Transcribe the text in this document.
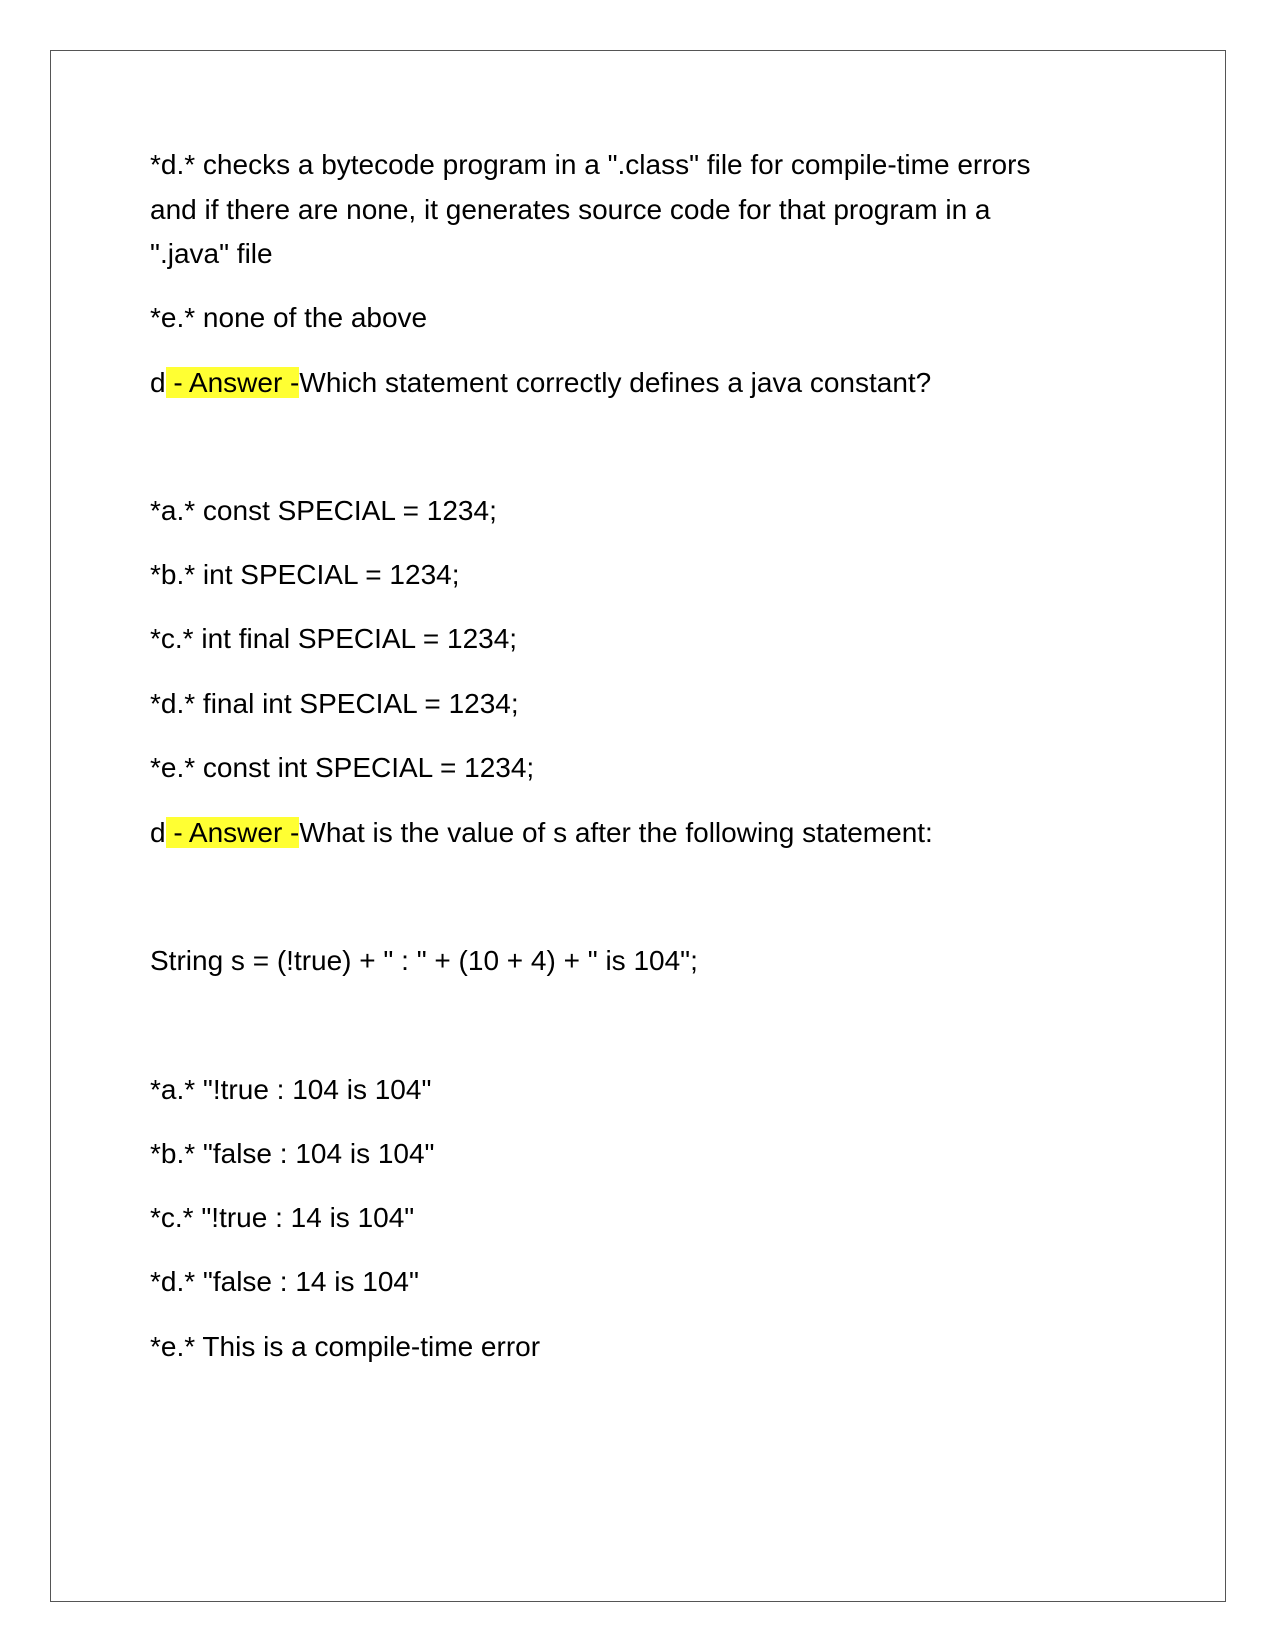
*d.* checks a bytecode program in a ".class" file for compile-time errors
and if there are none, it generates source code for that program in a
".java" file
*e.* none of the above
d - Answer -Which statement correctly defines a java constant?
*a.* const SPECIAL = 1234;
*b.* int SPECIAL = 1234;
*c.* int final SPECIAL = 1234;
*d.* final int SPECIAL = 1234;
*e.* const int SPECIAL = 1234;
d - Answer -What is the value of s after the following statement:
String s = (!true) + " : " + (10 + 4) + " is 104";
*a.* "!true : 104 is 104"
*b.* "false : 104 is 104"
*c.* "!true : 14 is 104"
*d.* "false : 14 is 104"
*e.* This is a compile-time error
